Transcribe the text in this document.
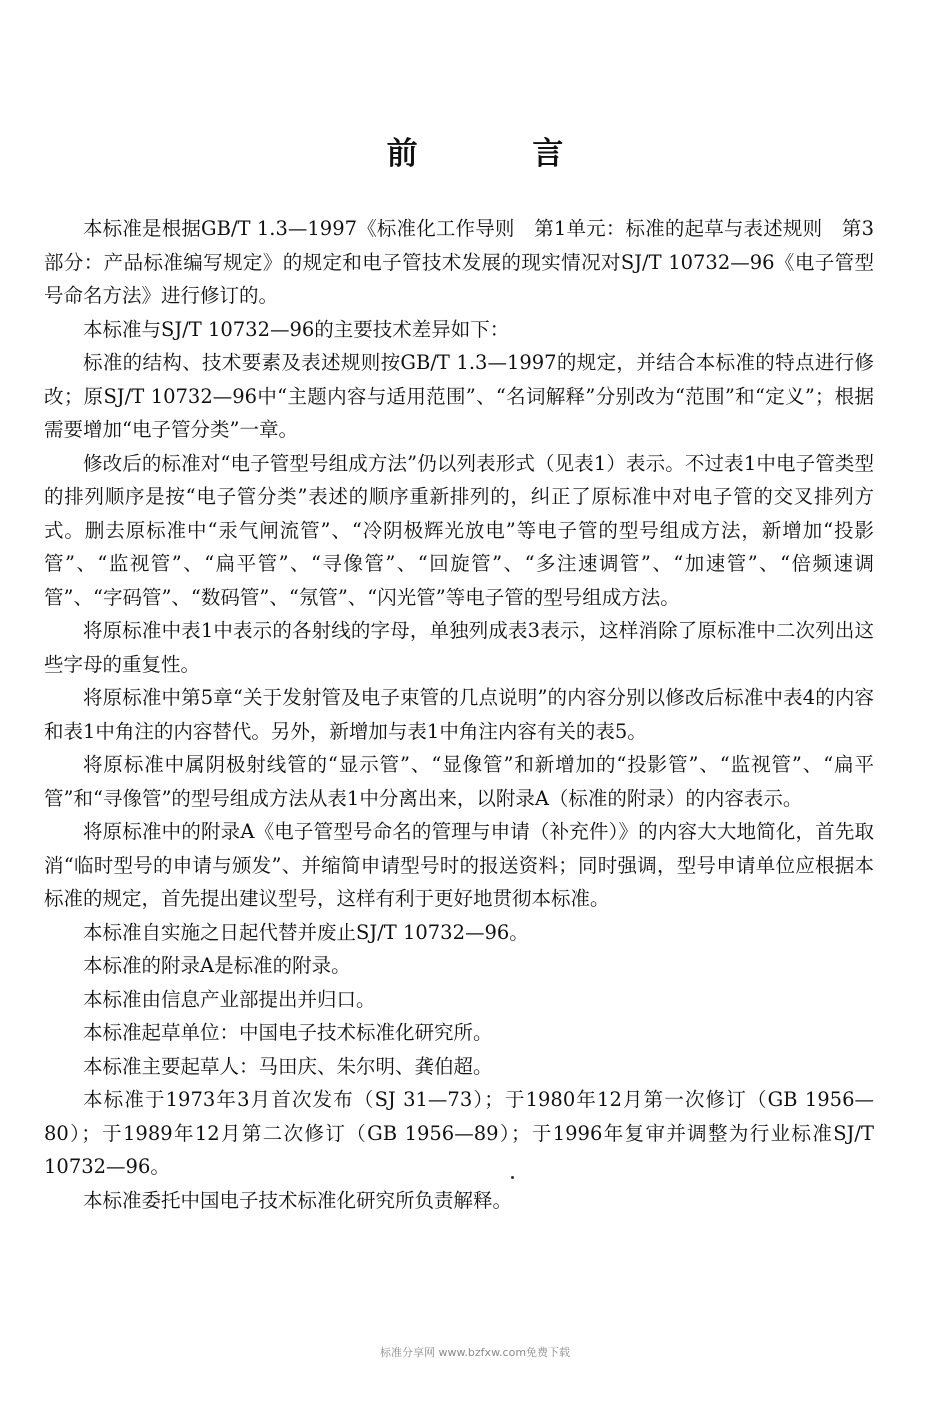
前 言

本标准是根据GB/T 1.3—1997《标准化工作导则　第1单元：标准的起草与表述规则　第3部分：产品标准编写规定》的规定和电子管技术发展的现实情况对SJ/T 10732—96《电子管型号命名方法》进行修订的。

本标准与SJ/T 10732—96的主要技术差异如下：

标准的结构、技术要素及表述规则按GB/T 1.3—1997的规定，并结合本标准的特点进行修改；原SJ/T 10732—96中“主题内容与适用范围”、“名词解释”分别改为“范围”和“定义”；根据需要增加“电子管分类”一章。

修改后的标准对“电子管型号组成方法”仍以列表形式（见表1）表示。不过表1中电子管类型的排列顺序是按“电子管分类”表述的顺序重新排列的，纠正了原标准中对电子管的交叉排列方式。删去原标准中“汞气闸流管”、“冷阴极辉光放电”等电子管的型号组成方法，新增加“投影管”、“监视管”、“扁平管”、“寻像管”、“回旋管”、“多注速调管”、“加速管”、“倍频速调管”、“字码管”、“数码管”、“氖管”、“闪光管”等电子管的型号组成方法。

将原标准中表1中表示的各射线的字母，单独列成表3表示，这样消除了原标准中二次列出这些字母的重复性。

将原标准中第5章“关于发射管及电子束管的几点说明”的内容分别以修改后标准中表4的内容和表1中角注的内容替代。另外，新增加与表1中角注内容有关的表5。

将原标准中属阴极射线管的“显示管”、“显像管”和新增加的“投影管”、“监视管”、“扁平管”和“寻像管”的型号组成方法从表1中分离出来，以附录A（标准的附录）的内容表示。

将原标准中的附录A《电子管型号命名的管理与申请（补充件）》的内容大大地简化，首先取消“临时型号的申请与颁发”、并缩简申请型号时的报送资料；同时强调，型号申请单位应根据本标准的规定，首先提出建议型号，这样有利于更好地贯彻本标准。

本标准自实施之日起代替并废止SJ/T 10732—96。

本标准的附录A是标准的附录。

本标准由信息产业部提出并归口。

本标准起草单位：中国电子技术标准化研究所。

本标准主要起草人：马田庆、朱尔明、龚伯超。

本标准于1973年3月首次发布（SJ 31—73）；于1980年12月第一次修订（GB 1956—80）；于1989年12月第二次修订（GB 1956—89）；于1996年复审并调整为行业标准SJ/T 10732—96。

本标准委托中国电子技术标准化研究所负责解释。

标准分享网 www.bzfxw.com免费下载
